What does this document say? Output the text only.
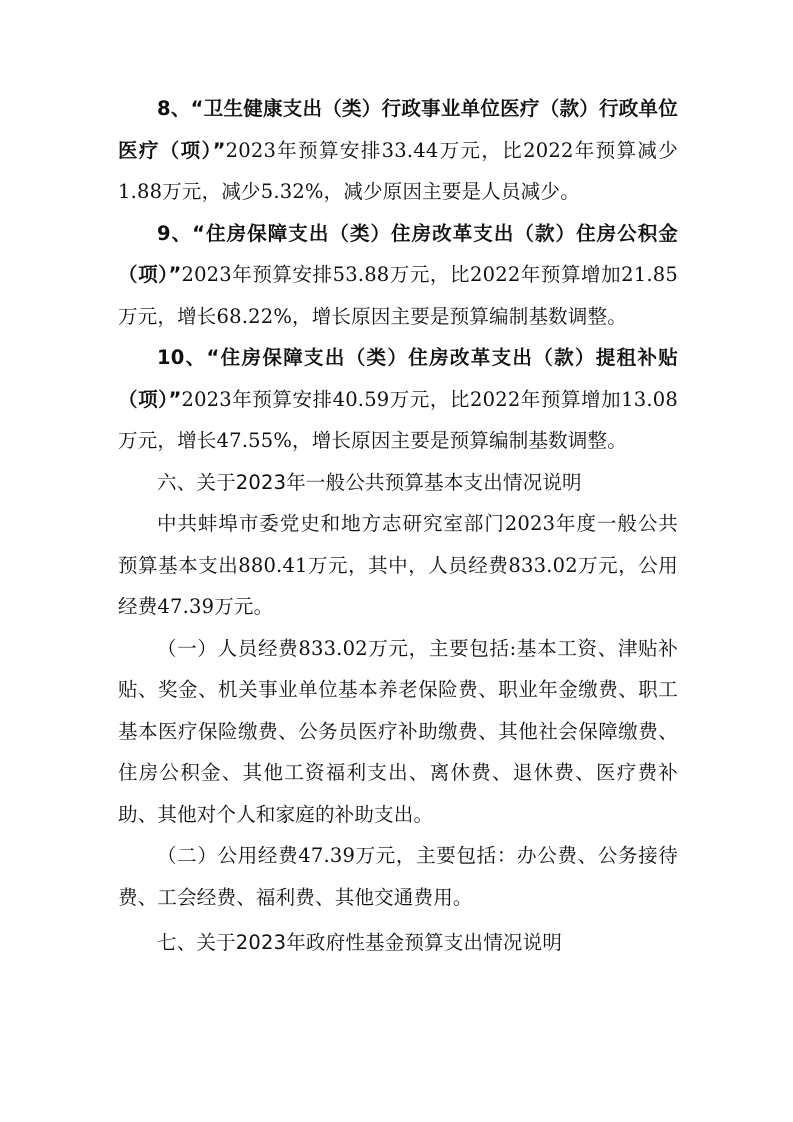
8、“卫生健康支出（类）行政事业单位医疗（款）行政单位医疗（项）”2023年预算安排33.44万元，比2022年预算减少1.88万元，减少5.32%，减少原因主要是人员减少。

9、“住房保障支出（类）住房改革支出（款）住房公积金（项）”2023年预算安排53.88万元，比2022年预算增加21.85万元，增长68.22%，增长原因主要是预算编制基数调整。

10、“住房保障支出（类）住房改革支出（款）提租补贴（项）”2023年预算安排40.59万元，比2022年预算增加13.08万元，增长47.55%，增长原因主要是预算编制基数调整。

六、关于2023年一般公共预算基本支出情况说明

中共蚌埠市委党史和地方志研究室部门2023年度一般公共预算基本支出880.41万元，其中，人员经费833.02万元，公用经费47.39万元。

（一）人员经费833.02万元，主要包括:基本工资、津贴补贴、奖金、机关事业单位基本养老保险费、职业年金缴费、职工基本医疗保险缴费、公务员医疗补助缴费、其他社会保障缴费、住房公积金、其他工资福利支出、离休费、退休费、医疗费补助、其他对个人和家庭的补助支出。

（二）公用经费47.39万元，主要包括：办公费、公务接待费、工会经费、福利费、其他交通费用。

七、关于2023年政府性基金预算支出情况说明
